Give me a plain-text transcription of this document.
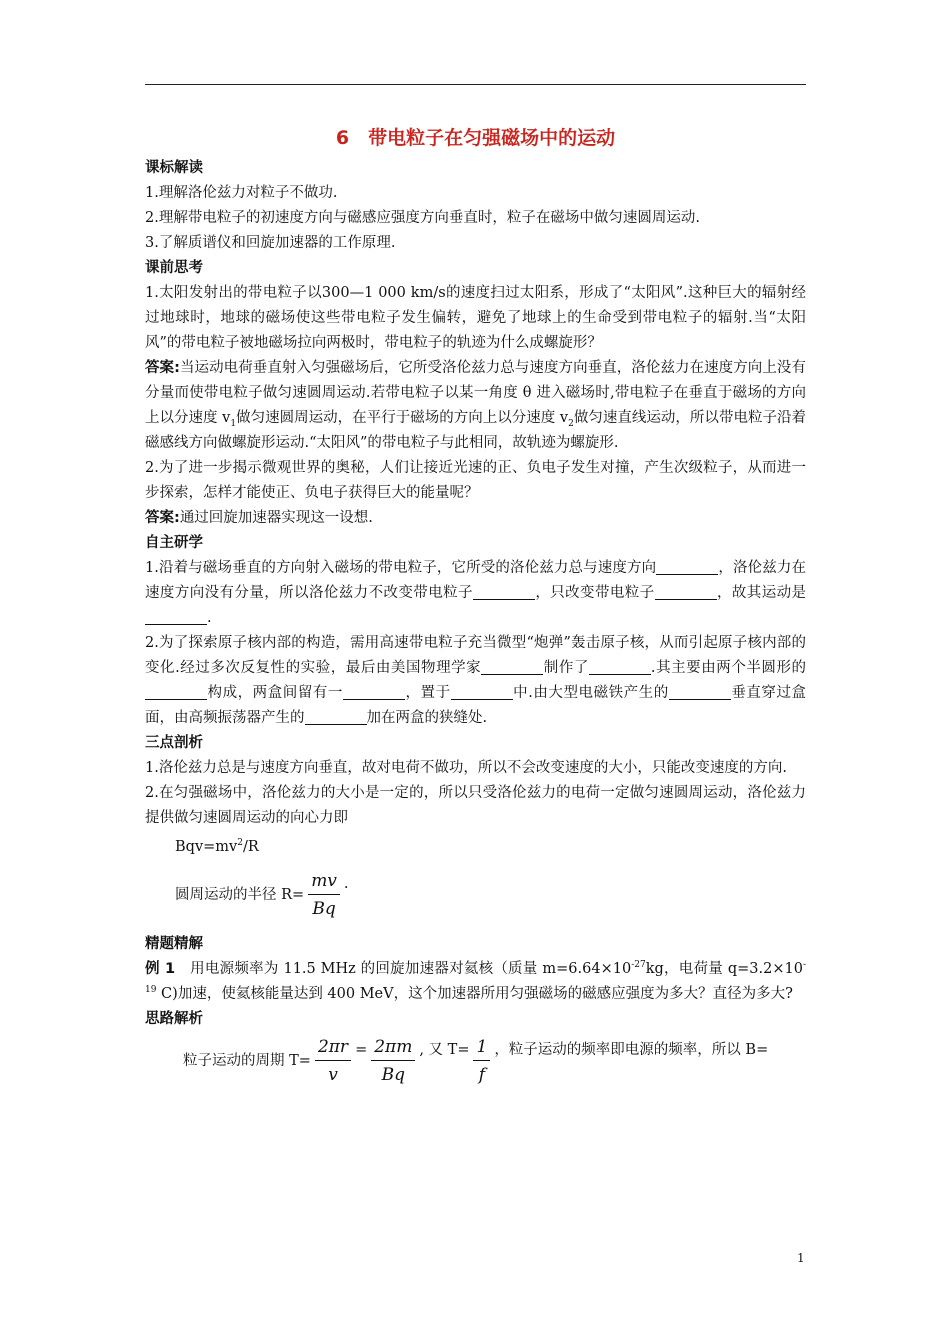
6　带电粒子在匀强磁场中的运动
课标解读
1.理解洛伦兹力对粒子不做功.
2.理解带电粒子的初速度方向与磁感应强度方向垂直时，粒子在磁场中做匀速圆周运动.
3.了解质谱仪和回旋加速器的工作原理.
课前思考
1.太阳发射出的带电粒子以300—1 000 km/s的速度扫过太阳系，形成了“太阳风”.这种巨大的辐射经过地球时，地球的磁场使这些带电粒子发生偏转，避免了地球上的生命受到带电粒子的辐射.当“太阳风”的带电粒子被地磁场拉向两极时，带电粒子的轨迹为什么成螺旋形？
答案:当运动电荷垂直射入匀强磁场后，它所受洛伦兹力总与速度方向垂直，洛伦兹力在速度方向上没有分量而使带电粒子做匀速圆周运动.若带电粒子以某一角度 θ 进入磁场时,带电粒子在垂直于磁场的方向上以分速度 $v_1$做匀速圆周运动，在平行于磁场的方向上以分速度 $v_2$做匀速直线运动，所以带电粒子沿着磁感线方向做螺旋形运动.“太阳风”的带电粒子与此相同，故轨迹为螺旋形.
2.为了进一步揭示微观世界的奥秘，人们让接近光速的正、负电子发生对撞，产生次级粒子，从而进一步探索，怎样才能使正、负电子获得巨大的能量呢？
答案:通过回旋加速器实现这一设想.
自主研学
1.沿着与磁场垂直的方向射入磁场的带电粒子，它所受的洛伦兹力总与速度方向	，洛伦兹力在速度方向没有分量，所以洛伦兹力不改变带电粒子	，只改变带电粒子	，故其运动是.
2.为了探索原子核内部的构造，需用高速带电粒子充当微型“炮弹”轰击原子核，从而引起原子核内部的变化.经过多次反复性的实验，最后由美国物理学家	制作了	.其主要由两个半圆形的构成，两盒间留有一	，置于	中.由大型电磁铁产生的	垂直穿过盒面，由高频振荡器产生的	加在两盒的狭缝处.
三点剖析
1.洛伦兹力总是与速度方向垂直，故对电荷不做功，所以不会改变速度的大小，只能改变速度的方向.
2.在匀强磁场中，洛伦兹力的大小是一定的，所以只受洛伦兹力的电荷一定做匀速圆周运动，洛伦兹力提供做匀速圆周运动的向心力即
$Bqv=mv^2/R$
圆周运动的半径 $R= \frac{mv}{Bq}$ .
精题精解
例 1　用电源频率为 11.5 MHz 的回旋加速器对氦核（质量 $m=6.64\times 10^{-27}kg$，电荷量 $q=3.2\times 10^{-19}$ C)加速，使氦核能量达到 400 MeV，这个加速器所用匀强磁场的磁感应强度为多大？直径为多大?
思路解析
粒子运动的周期 $T= \frac{2\pi r}{v} = \frac{2\pi m}{Bq}$ , 又 $T= \frac{1}{f}$ ，粒子运动的频率即电源的频率，所以 B=
1
